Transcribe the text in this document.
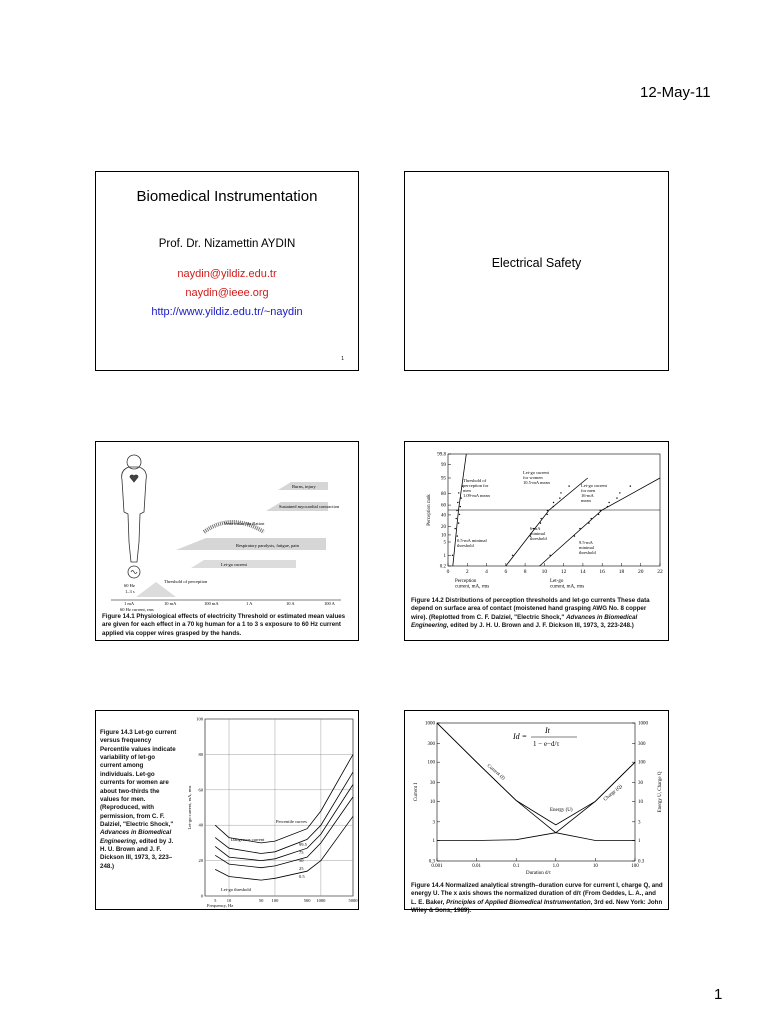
12-May-11
Biomedical Instrumentation
Prof. Dr. Nizamettin AYDIN
naydin@yildiz.edu.tr
naydin@ieee.org
http://www.yildiz.edu.tr/~naydin
1
Electrical Safety
60 Hz
1–3 s
Threshold of perception
Let-go current
Respiratory paralysis, fatigue, pain
Ventricular fibrillation
Sustained myocardial contraction
Burns, injury
1 mA	10 mA	100 mA	1 A	10 A	100 A
60 Hz current, rms
Figure 14.1 Physiological effects of electricity Threshold or estimated mean values are given for each effect in a 70 kg human for a 1 to 3 s exposure to 60 Hz current applied via copper wires grasped by the hands.
99.8
99
95
80
60
40
20
10
5
1
0.2
0	2	4	6	8	10	12	14	16	18	20	22
Perception rank
Perception current, mA, rms
Let-go current, mA, rms
Threshold of perception for men 1.09-mA mean
Let-go current for women 10.5-mA mean
Let-go current for men 16-mA mean
0.5-mA minimal threshold
6-mA minimal threshold
9.5-mA minimal threshold
Figure 14.2 Distributions of perception thresholds and let-go currents These data depend on surface area of contact (moistened hand grasping AWG No. 8 copper wire). (Replotted from C. F. Dalziel, "Electric Shock," Advances in Biomedical Engineering, edited by J. H. U. Brown and J. F. Dickson III, 1973, 3, 223-248.)
Figure 14.3 Let-go current versus frequency Percentile values indicate variability of let-go current among individuals. Let-go currents for women are about two-thirds the values for men. (Reproduced, with permission, from C. F. Dalziel, "Electric Shock," Advances in Biomedical Engineering, edited by J. H. U. Brown and J. F. Dickson III, 1973, 3, 223–248.)
0
20
40
60
80
100
5 10	50 100	500 1000	5000
Frequency, Hz
Let-go current, mA, rms	Percentile curves
99.5
75
50
25
0.5
Dangerous current
Let-go threshold
1000	1000
300	300
100	100
30	30
10	10
3	3
1	1
0.3	0.3
0.001	0.01	0.1	1.0	10	100
Duration d/τ
Current I	Energy U, Charge Q
Current (I)
Charge (Q)
Energy (U)
Id =
It
1 − e−d/τ
Figure 14.4 Normalized analytical strength–duration curve for current I, charge Q, and energy U. The x axis shows the normalized duration of d/τ (From Geddes, L. A., and L. E. Baker, Principles of Applied Biomedical Instrumentation, 3rd ed. New York: John Wiley & Sons, 1989).
1
